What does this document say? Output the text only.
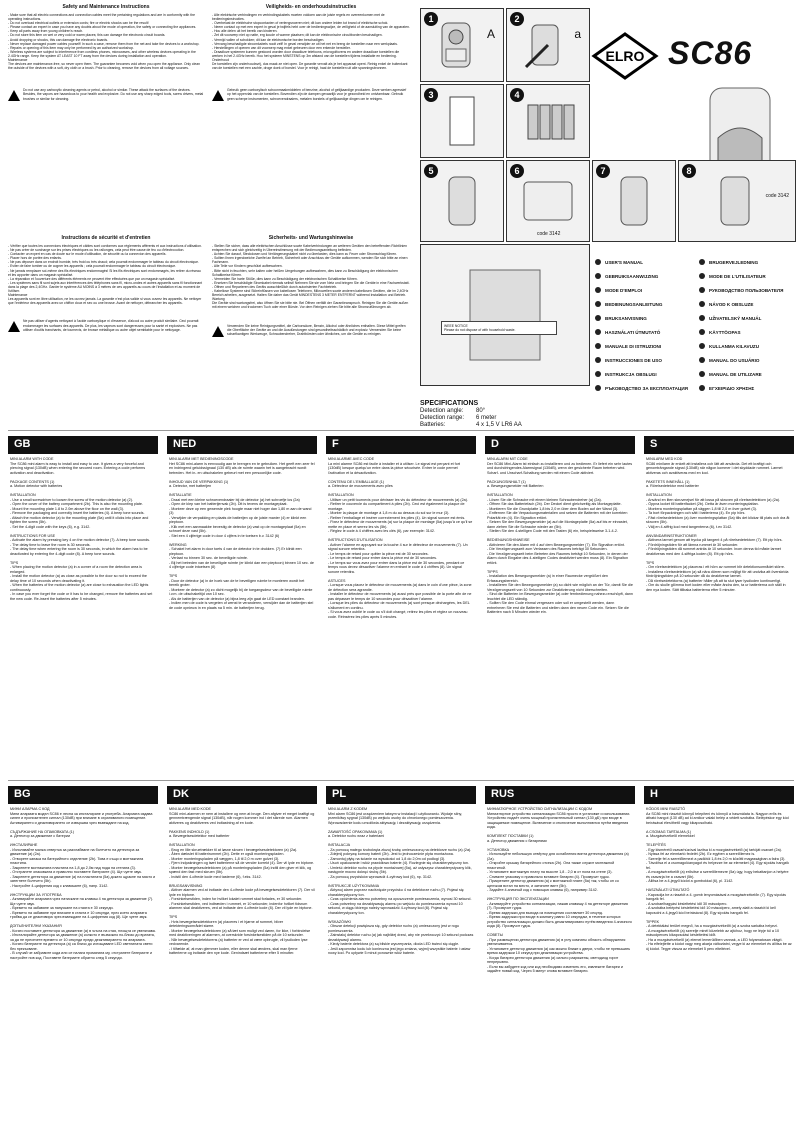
Safety and Maintenance Instructions
- Make sure that all electric connections and connection cables meet the pertaining regulations and are in conformity with the operating instructions.
- Do not overload electrical outlets or extension cords; fire or electric shocks can be the result!
- Please contact an expert in case you have any doubts about the mode of operation, the safety or connecting the appliances.
- Keep all parts away from young children's reach.
- Do not store this item on wet or very cold or warm places; this can damage the electronic circuit boards.
- Avoid dropping or shocks, this can damage the electronic boards.
- Never replace damaged power cables yourself! In such a case, remove them from the net and take the devices to a workshop.
- Repairs or opening of this item may only be performed by an authorized workshop.
- Wireless systems are subject to interference from cordless phones, microwaves, and other wireless devices operating in the 2.4GHz range. Keep the system AT LEAST 10 FT away from the devices during installation and operation.
Maintenance
The devices are maintenance-free, so never open them. The guarantee becomes void when you open the appliance. Only clean the outside of the devices with a soft, dry cloth or a brush. Prior to cleaning, remove the devices from all voltage sources.
Do not use any carboxylic cleaning agents or petrol, alcohol or similar. These attack the surfaces of the devices. Besides, the vapors are hazardous to your health and explosive. Do not use any sharp edged tools, screw drivers, metal brushes or similar for cleaning.
Veiligheids- en onderhoudsinstructies
- Alle elektrische verbindingen en verbindingskabels moeten voldoen aan de juiste regels en overeenkomen met de bedieningsinstructies.
- Overbelast de elektrische stopcontacten of verlengsnoeren niet; dit kan ondere leiden tot brand of elektrische schok.
- Neem contact op met een expert in geval je twijfels hebt over de bedieningswijze, de veiligheid of de aansluiting van de apparaten.
- Hou alle delen uit het bereik van kinderen.
- Zet dit voorwerp niet op natte, erg koude of warme plaatsen; dit kan de elektronische circuitborden beschadigen.
- Vermijd vallen of schokken; dit kan de elektronische borden beschadigen.
- Vervang beschadigde stroomkabels nooit zelf! In geval verwijder ze uit het net en breng de toestellen naar een werkplaats.
- Herstellingen of openen van dit voorwerp mag enkel gebeuren door een erkende hersteller.
- Draadloze systemen kunnen gestoord worden door draadloze telefoons, microgolfovens en andere draadloze toestellen die werken in het 2.4GHz bereik. Hou het systeem MINSTENS op 3m afstand van de toestellen tijdens installatie en bediening.
Onderhoud
De toestellen zijn onderhoudsvrij, dus maak ze niet open. De garantie vervalt als je het apparaat opent. Reinig enkel de buitenkant van de toestellen met een zachte, droge doek of borstel. Voor je reinigt, haal de toestellen uit alle spanningsbronnen.
Gebruik geen carboxylisch schoonmaakmiddelen of benzine, alcohol of gelijkaardige producten. Deze werken agressief op het oppervlak van de toestellen. Bovendien zijn de dampen gevaarlijk voor je gezondheid en ontvlambaar. Gebruik geen scherpe instrumenten, schroevendraaiers, metalen borstels of gelijkaardige dingen om te reinigen.
Instructions de sécurité et d'entretien
- Vérifier que toutes les connexions électriques et câbles sont conformes aux règlements afférents et aux instructions d'utilisation.
- Ne pas créer de surcharge sur les prises électriques ou les rallonges, cela peut être cause de feu ou d'électrocution.
- Contacter un expert en cas de doute sur le mode d'utilisation, de sécurité ou la connexion des appareils.
- Placer hors de portée des enfants.
- Ne pas déposer dans un endroit humide, très froid ou très chaud; cela pourrait endommager le tableau du circuit électronique.
- Eviter de faire tomber ou de cogner les appareils ; cela pourrait endommager le tableau du circuit électronique.
- Ne jamais remplacer soi-même des fils électriques endommagés! Si les fils électriques sont endommagés, les retirer du réseau et les apporter dans un magasin spécialisé.
- La réparation et l'ouverture des différents éléments ne peuvent être effectuées que par un magasin spécialisé.
- Les systèmes sans fil sont sujets aux interférences des téléphones sans fil, micro-ondes et autres appareils sans fil fonctionnant dans la plage des 2,4GHz. Garder le système AU MOINS à 3 mètres de ces appareils au cours de l'installation et au moment de l'utiliser.
Maintenance
Les appareils sont en libre utilisation, ne les ouvrez jamais. La garantie n'est plus valide si vous ouvrez les appareils. Ne nettoyer que l'extérieur des appareils avec un chiffon doux et sec ou une brosse. Avant de nettoyer, débrancher les appareils.
Ne pas utiliser d'agents nettoyant à l'acide carboxylique ni d'essence, d'alcool ou autre produit similaire. Ceci pourrait endommager les surfaces des appareils. De plus, les vapeurs sont dangereuses pour la santé et explosives. Ne pas utiliser d'outils tranchants, de tournevis, de brosse métallique ou autre objet semblable pour le nettoyage.
Sicherheits- und Wartungshinweise
- Stellen Sie sicher, dass alle elektrischen Anschlüsse sowie Kabelverbindungen an weiteren Geräten den betreffenden Richtlinien entsprechen und sich gleichzeitig in Übereinstimmung mit der Bedienungsanleitung befinden.
- Achten Sie darauf, Steckdosen und Verlängerungskabel nicht zu überlasten, dies kann zu Feuer oder Stromschlag führen.
- Sollten Ihnen irgendwelche Zweifel an Betrieb, Sicherheit oder Anschluss der Geräte aufkommen, wenden Sie sich bitte an einen Fachmann.
- Alle Teile vor Kindern geschützt aufbewahren.
- Bitte nicht in feuchten, sehr kalten oder heißen Umgebungen aufbewahren, dies kann zu Beschädigung der elektronischen Schaltkreise führen.
- Vermeiden Sie harte Stöße, dies kann zu Beschädigung der elektronischen Schaltkreise führen.
- Ersetzen Sie beschädigte Stromkabel niemals selbst! Nehmen Sie sie vom Netz und bringen Sie die Geräte in eine Fachwerkstatt.
- Öffnen und Reparieren des Geräts ausschließlich durch autorisierten Fachbetrieb.
- Kabellose Systeme sind Störeinflüssen von kabellosen Telefonen, Mikrowellen sowie anderen kabellosen Geräten, die im 2,4GHz Bereich arbeiten, ausgesetzt. Halten Sie daher das Gerät MINDESTENS 3 METER ENTFERNT während Installation und Betrieb.
Wartung
Die Geräte sind wartungsfrei, also öffnen Sie sie bitte nie. Bei Öffnen verfällt der Garantieanspruch. Reinigen Sie die Geräte außen mit einem weichen und trockenen Tuch oder einer Bürste. Vor dem Reinigen ziehen Sie bitte alle Stromzuführungen ab.
Verwenden Sie keine Reinigungsmittel, die Carbonsäure, Benzin, Alkohol oder ähnliches enthalten. Diese Mittel greifen die Oberfläche der Geräte an und die Ausdünstungen sind gesundheitsschädlich und explosiv. Verwenden Sie keine scharfkantigen Werkzeuge, Schraubendreher, Drahtbürsten oder ähnliches, um die Geräte zu reinigen.
1
A
2
a
ELRO SC86
3	4
5	6
code 3142
7	8
code 3142
WEEE NOTICE
Please do not dispose of with household waste.
USER'S MANUAL
GEBRUIKSAANWIJZING
MODE D'EMPLOI
BEDIENUNGSANLEITUNG
BRUKSANVISNING
HASZNÁLATI ÚTMUTATÓ
MANUALE DI ISTRUZIONI
INSTRUCCIONES DE USO
INSTRUKCJA OBSŁUGI
РЪКОВОДСТВО ЗА ЕКСПЛОАТАЦИЯ
BRUGERVEJLEDNING
MODE DE L'UTILISATEUR
РУКОВОДСТВО ПОЛЬЗОВАТЕЛЯ
NÁVOD K OBSLUZE
UŽIVATELSKÝ MANUÁL
KÄYTTÖOPAS
KULLANMA KILAVUZU
MANUAL DO USUÁRIO
MANUAL DE UTILIZARE
ΕΓΧΕΙΡΙΔΙΟ ΧΡΗΣΗΣ
SPECIFICATIONS
Detection angle:	80°
Detection range:	6 meter
Batteries:	4 x 1,5 V LR6 AA
GB
MINI ALARM WITH CODE
The SC86 mini alarm is easy to install and easy to use. It gives a very forceful and piercing signal (130dB) when entering the secured room. Entering a code performs activation and deactivation.

PACKAGE CONTENTS (1)
a. Motion detector with batteries

INSTALLATION
- Use a small screwdriver to loosen the screw of the motion detector (a) (2).
- Open the cover of the battery compartment (2b). This is also the mounting plate.
- Mount the mounting plate 1.8 to 2.0m above the floor on the wall (3).
- Remove the packaging and correctly insert the batteries (4). A beep tone sounds.
- Attach the motion detector (a) to the mounting plate (5a) until it clicks into place and tighten the screw (5b).
- Set the 4-digit code with the keys (6), e.g. 3142.

INSTRUCTIONS FOR USE
- Activate the alarm by pressing key 4 on the motion detector (7). A beep tone sounds.
- The delay time to leave the room is 30 seconds.
- The delay time when entering the room is 30 seconds, in which the alarm has to be deactivated by entering the 4-digit code (8). A beep tone sounds.

TIPS
- When placing the motion detector (a) in a corner of a room the detection area is enlarged.
- Install the motion detector (a) as close as possible to the door so not to exceed the delay time of 10 seconds when deactivating it.
- When the batteries of the motion detector (a) are close to exhaustion the LED lights continuously.
- In case you ever forget the code or it has to be changed, remove the batteries and set the new code. Re-insert the batteries after 5 minutes.
NED
MINI ALARM MET BEDIENINGSCODE
Het SC86 mini-alarm is eenvoudig aan te brengen en te gebruiken. Het geeft een zeer fel en indringend geluidssignaal (130 dB) als de ruimte waarin het is aangebracht wordt betreden. Het in- en uitschakelen gebeurt met een persoonlijke code.

INHOUD VAN DE VERPAKKING (1)
a. Detector, met batterijen

INSTALLATIE
- Draai met een kleine schroevendraaier bij de detector (a) het schroefje los (2a)
- Open de klep van het batterijenvak (2b). Dit is tevens de montageplaat.
- Monteer deze op een gewenste plek hoogte maar niet hoger dan 1,80 m aan de wand (3)
- Verwijder de verpakking en plaats de batterijen op de juiste manier (4) er klinkt een pieptoon.
- Klik met een aanmaakbe bevestig de detector (a) vast op de montageplaat (5a) en schroef deze vast (5b).
- Stel een 4 cijferige code in door 4 cijfers in te toetsen b.v. 3142 (6)

WERKING
- Schakel het alarm in door toets 4 van de detector in te drukken. (7) Er klinkt een pieptoon.
- Verlaat nu binnen 30 sec. de beveiligde ruimte.
- Bij het betreden van de beveiligde ruimte (er klinkt dan een pieptoon) binnen 10 sec. de 4 cijferige code intoetsen (8)

TIPS
- Door de detector (a) in de hoek van de te beveiligen ruimte te monteren wordt het bereik groter.
- Monteer de detector (a) zo dicht mogelijk bij de toegangsdeur van de beveiligde ruimte i.v.m. de uitschakeltijd van 10 sec.
- Als de batterijen van de detector (a) bijna leeg zijn gaat de LED constant branden.
- Indien men de code is vergeten of wenst te veranderen, verwijder dan de batterijen stel de code opnieuw in en plaats na 5 min. de batterijen terug.
F
MINI ALARME AVEC CODE
La mini alarme SC86 est facile à installer et à utiliser. Le signal est perçant et fort (130dB) lorsque quelqu'un entre dans la pièce sécurisée. Entrer le code permet l'activation et la désactivation.

CONTENU DE L'EMBALLAGE (1)
a. Détecteur de mouvements avec piles

INSTALLATION
- Utiliser un petit tournevis pour dévisser les vis du détecteur de mouvements (a) (2a).
- Retirer le couvercle du compartiment à piles (2b). Ceci est également la plaque de montage.
- Monter la plaque de montage à 1,8 m du au dessus du sol sur le mur (3).
- Retirer l'emballage et insérer correctement les piles (4). Un signal sonore est émis.
- Fixez le détecteur de mouvements (a) sur la plaque de montage (5a) jusqu'à ce qu'il se mette en place et serrez les vis (5b).
- Réglez le code à 4 chiffres avec les clés (6), par exemple: 3142.

INSTRUCTIONS D'UTILISATION
- Activer l'alarme en appuyant sur la touche 4 sur le détecteur de mouvements (7). Un signal sonore retentira.
- Le temps de retard pour quitter la pièce est de 30 secondes.
- Le temps de retard pour entrer dans la pièce est de 30 secondes.
- Le temps sur vous avez pour entrer dans la pièce est de 30 secondes, pendant ce temps vous devez désactiver l'alarme en entrant le code à 4 chiffres (8). Un signal sonore retentira.

ASTUCES
- Lorsque vous placez le détecteur de mouvements (a) dans le coin d'une pièce, la zone de détection sera agrandie.
- Installer le détecteur de mouvements (a) aussi près que possible de la porte afin de ne pas dépasser le temps de 10 secondes pour désactiver l'alarme.
- Lorsque les piles du détecteur de mouvements (a) sont presque déchargées, les DEL s'allument en continu.
- Si vous avez oublié le code ou s'il doit changé, retirez les piles et réglez un nouveau code. Réinsérez les piles après 5 minutes.
D
MINI-ALARM MIT CODE
Der SC86 Mini-Alarm ist einfach zu installieren und zu bedienen. Er liefert ein sehr lautes und durchdringendes Alarmsignal (130dB), wenn der gesicherte Raum betreten wird. Scharf- und Unscharf-Schaltung werden mit einem Code aktiviert.

PACKUNGSINHALT (1)
a. Bewegungsmelder mit Batterien

INSTALLATION
- Lösen Sie die Schraube mit einem kleinen Schraubendreher (a) (2a).
- Öffnen Sie das Batteriefach (2b). Der Deckel dient gleichzeitig als Montageplatte.
- Montieren Sie die Grundplatte 1,8 bis 2,0 m über dem Boden auf der Wand (3).
- Entfernen Sie die Verpackungsmaterialien und setzen die Batterien mit der korrekten Polarität ein (4). Ein Signalton ertönt.
- Setzen Sie den Bewegungsmelder (a) auf die Montageplatte (5a) auf bis er einrastet, dann ziehen Sie die Schraube wieder an (5b).
- Stellen Sie den 4-stelligen Code mit den Tasten (6) ein, beispielsweise 3-1-4-2.

BEDIENUNGSHINWEISE
- Aktivieren Sie den Alarm mit 4 auf dem Bewegungsmelder (7). Ein Signalton ertönt.
- Die Verzögerungszeit zum Verlassen des Raumes beträgt 30 Sekunden.
- Die Verzögerungszeit beim Betreten des Raumes beträgt 10 Sekunden, in denen der Alarm durch Eingabe des 4-stelligen Codes deaktiviert werden muss (8). Ein Signalton ertönt.

TIPPS
- Installation des Bewegungsmelder (a) in einer Raumecke vergrößert den Erfassungsbereich.
- Installieren Sie den Bewegungsmelder (a) so dicht wie möglich an der Tür, damit Sie die Verzögerungszeit von 10 Sekunden zur Deaktivierung nicht überschreiten.
- Sind die Batterien im Bewegungsmelder (a) oder fernbedienung nahezu erschöpft, dann leuchtet die LED ständig.
- Sollten Sie den Code einmal vergessen oder soll er umgestellt werden, dann entnehmen Sie erst die Batterien und stellen dann den neuen Code ein. Setzen Sie die Batterien nach 5 Minuten wieder ein.
S
MINILARM MED KOD
SC86 minilarm är enkelt att installera och lätt att använda. Det ett kraftigt och genomträngande signal (130dB) när någon kommer i det skyddade rummet. Larmet aktiveras och avaktiveras med en kod.

PAKETETS INNEHÅLL (1)
a. Rörelsedetektor med batterier

INSTALLATION
- Använd en liten skruvmejsel för att lossa på skruven på rörelsedetektorn (a) (2a).
- Öppna locket till batterifacket (2b). Detta är även monteringsplattan.
- Montera monteringsplattan på väggen 1,8 till 2,0 m över golvet (3).
- Ta bort förpackningen och sätt i batterierna (4). En pip hörs.
- Fäst rörelsedetektorn (a) över monteringsplattan (5a) tills det klickar till plats och dra åt skruven (5b).
- Välj en 4-siffrig kod med tangenterna (6), t.ex 3142.

ANVÄNDARINSTRUKTIONER
- Aktivera larmet genom att trycka på tangent 4 på rörelsedetektorn (7). Ett pip hörs.
- Fördröjningstiden för att lämna rummet är 30 sekunder.
- Fördröjningstiden då rummet anträs är 10 sekunder. Inom denna tid måste larmet deaktiveras med den 4-siffriga koden (8). Ett pip hörs.

TIPS
- Om rörelsedetektorn (a) placeras i ett hörn av rummet blir detektionsområdet större.
- Installera rörelsedetektorn (a) så nära dörren som möjligt för att undvika att överskrida fördröjningstiden på 10 sekunder då du deaktiverar larmet.
- Då rörelsedetektorns (a) batterier håller på att ta slut lyser lysdioden kontinuerligt.
- Om du skulle glömma bort koden eller måste ändra den, ta ur batterierna och ställ in den nya koden. Sätt tillbaka batterierna efter 5 minuter.
BG
МИНИ АЛАРМА С КОД
Мини алармата модел SC86 е лесна за инсталиране и употреба. Алармата издава силен и пронизителен сигнал (130dB) при влизане в охраняваното помещение. Активирането и деактивирането се извършва чрез въвеждане на код.

СЪДЪРЖАНИЕ НА ОПАКОВКАТА (1)
a. Детектор за движение с батерии

ИНСТАЛИРАНЕ
- Използвайте малка отвертка за разхлабване на болтчето на детектора за движение (a) (2a).
- Отворете капака на батерийното отделение (2b). Това е също и монтажната пластина.
- Закрепете монтажната пластина на 1,8 до 2,0м над пода на стената (3).
- Отстранете опаковката и правилно поставете батериите (4). Ще чуете звук.
- Закрепете детектора за движение (a) на пластината (5a) докато щракне на място и затегнете болтчето (5b).
- Настройте 4-цифрения код с клавишите (6), напр. 3142.

ИНСТРУКЦИИ ЗА УПОТРЕБА
- Активирайте алармата чрез натискане на клавиш 4 на детектора за движение (7). Ще чуете звук.
- Времето на забавяне за напускане на стаята е 30 секунди.
- Времето на забавяне при влизане в стаята е 10 секунди, през което алармата трябва да се деактивира чрез въвеждане на 4-цифрения код (8). Ще чуете звук.

ДОПЪЛНИТЕЛНИ УКАЗАНИЯ
- Когато поставите детектора за движение (a) в ъгъла на стая, площта се увеличава.
- Инсталирайте детектора за движение (a) колкото е възможно по-близо до вратата, за да не пресечете времето от 10 секунди преди деактивирането на алармата.
- Когато батериите на детектора (a) са близо до изтощаване LED светлината свети без прекъсване.
- В случай че забравите кода или се налага промяната му, отстранете батериите и настройте нов код. Поставете батериите обратно след 5 секунди.
DK
MINI ALARM MED KODE
SC86 mini-alarmen er nem at installere og nem at bruge. Den afgiver et meget kraftigt og gennemtrængende signal (130dB), når nogen kommer ind i det sikrede rum. Alarmen aktiveres og deaktiveres ved indtastning af en kode.

PAKKENS INDHOLD (1)
a. Bevægelsesdetektor med batterier

INSTALLATION
- Brug en lille skruetrækker til at løsne skruen i bevægelsesdetektoren (a) (2a).
- Åben dækslet til batterirummet (2b). Dette er også monteringspladen.
- Monter monteringspladen på væggen, 1,8 til 2,0 m over gulvet (3).
- Fjern indpakningen og isæt batterierne så de vender korrekt (4). Der vil lyde en biptone.
- Monter bevægelsesdetektoren (a) på monteringspladen (5a) indtil den giver et klik, og spænd den fast med skruen (5b).
- Indstil den 4-cifrede kode med tasterne (6), f.eks. 3142.

BRUGSANVISNING
- Aktiver alarmen ved at indtaste den 4-cifrede kode på bevægelsesdetektoren (7). Der vil lyde en biptone.
- Forsinkelsestiden, inden for hvilket lokalet rummet skal forlades, er 30 sekunder.
- Forsinkelsestiden, ved indtræden i rummet, er 10 sekunder, indenfor hvilket tidsrum alarmen skal deaktiveres, ved at indtaste den 4-cifrede kode (8). Der vil lyde en biptone.

TIPS
- Hvis bevægelsesdetektoren (a) placeres i et hjørne af rummet, bliver detekteringsområdet større.
- Monter bevægelsesdetektoren (a) så tæt som muligt ved døren, for ikke, i forbindelse med deaktiveringen af alarmen, at overskride forsinkelsestiden på de 10 sekunder.
- Når bevægelsesdetektorens (a) batterier er ved at være opbrugte, vil lysdioden lyse vedvarende.
- I tilfælde af, at man glemmer koden, eller denne skal ændres, skal man fjerne batterierne og indtaste den nye kode. Genindsæt batterierne efter 5 minutter.
PL
MINI ALARM Z KODEM
Mini alarm SC86 jest urządzeniem łatwym w instalacji i użytkowaniu. Wydaje silny, przenikliwy sygnał (130dB) po wejściu osoby do chronionego pomieszczenia. Wprowadzenie kodu umożliwia aktywację i dezaktywację urządzenia.

ZAWARTOŚĆ OPAKOWANIA (1)
a. Detektor ruchu wraz z bateriami

INSTALACJA
- Za pomocą małego śrubokręta złuzuj śrubę umieszczoną na detektorze ruchu (a) (2a).
- Zdejmij pokrywę komory baterii (2b). Jest to jednocześnie płyta montażowa.
- Zamontuj płytę na ścianie na wysokości od 1,8 do 2,0m od podłogi (3).
- Usuń opakowanie i włóż prawidłowo baterie (4). Rozlegnie się charakterystyczny ton.
- Umieść detektor ruchu na płycie montażowej (5a), aż usłyszysz charakterystyczny klik, następnie mocno dokręć śrubę (5b).
- Za pomocą przycisków wprowadź 4-cyfrowy kod (6), np. 3142.

INSTRUKCJE UŻYTKOWANIA
- Aktywuj alarm poprzez naciśnięcie przycisku 4 na detektorze ruchu (7). Pojawi się charakterystyczny ton.
- Czas opóźnienia alarmu potrzebny na opuszczenie pomieszczenia, wynosi 30 sekund.
- Czas potrzebny na dezaktywację alarmu po wejściu do pomieszczenia wynosi 10 sekund, w ciągu którego należy wprowadzić 4-cyfrowy kod (8). Pojawi się charakterystyczny ton.

WSKAZÓWKI
- Obszar detekcji powiększa się, gdy detektor ruchu (a) umieszczony jest w rogu pomieszczenia.
- Zainstaluj detektor ruchu (a) jak najbliżej drzwi, aby nie przekroczyć 10 sekund podczas dezaktywacji alarmu.
- Kiedy baterie detektora (a) są bliskie wyczerpania, dioda LED świeci się ciągle.
- Jeśli zapomnisz kodu lub konieczna jest jego zmiana, wyjmij wszystkie baterie i ustaw nowy kod. Po upływie 5 minut ponownie włóż baterie.
RUS
МИНИАТЮРНОЕ УСТРОЙСТВО СИГНАЛИЗАЦИИ С КОДОМ
Миниатюрное устройство сигнализации SC86 просто в установке и использовании. Устройство подаёт очень мощный пронзительный сигнал (130 дБ) при входе в защищаемое помещение. Включение и отключение выполняются путём введения кода.

КОМПЛЕКТ ПОСТАВКИ (1)
a. Детектор движения с батареями

УСТАНОВКА
- Используйте небольшую отвёртку для ослабления винта детектора движения (a) (2a).
- Откройте крышку батарейного отсека (2b). Она также служит монтажной пластиной.
- Установите монтажную плату на высоте 1,8 - 2,0 м от пола на стене (3).
- Снимите упаковку и правильно вставьте батареи (4). Прозвучит гудок.
- Прикрепите детектор движения (a) к монтажной плате (5a) так, чтобы он со щелчком встал на место, и затяните винт (5b).
- Задайте 4-значный код с помощью клавиш (6), например 3142.

ИНСТРУКЦИЯ ПО ЭКСПЛУАТАЦИИ
- Активируйте устройство сигнализации, нажав клавишу 4 на детекторе движения (7). Прозвучит гудок.
- Время задержки для выхода из помещения составляет 30 секунд.
- Время задержки при входе в комнату равно 10 секундам, в течение которых устройство сигнализации должно быть дезактивировано путём введения 4-значного кода (8). Прозвучит гудок.

СОВЕТЫ
- При размещении детектора движения (a) в углу комнаты область обнаружения увеличивается.
- Установите детектор движения (a) как можно ближе к двери, чтобы не превышать время задержки 10 секунд при деактивации устройства.
- Когда батареи детектора движения (a) сильно разряжены, светодиод горит непрерывно.
- Если вы забудете код или код необходимо изменить его, извлеките батареи и задайте новый код. Через 5 минут снова вставьте батареи.
H
KÓDOS MINI RIASZTÓ
Az SC86 mini riasztót könnyű telepíteni és könnyű a használata is. Nagyon erős és átható hangot (130 dB) ad ki amikor valaki belép a védett szobába. Belépéskor egy kód beírásával élesíthető vagy kikapcsolható.

A CSOMAG TARTALMA (1)
a. Mozgásérzékelő elemekkel

TELEPÍTÉS
- Egy kisméretű csavarhúzóval lazítsa ki a mozgásérzékelő (a) tartóját csavart (2a).
- Nyissa fel az elemtartó fedelét (2b). Ez egyben a szerelőlemez is.
- Szerelje fel a szerelőlemezt a padlótól 1,8 és 2,0 m közötti magasságban a falra (3).
- Távolítsa el a csomagolóanyagot és helyezze be az elemeket (4). Egy sípolás hangzik fel.
- A mozgásérzékelőt (a) erősítse a szerelőlemezre (5a) úgy, hogy bekattanjon a helyére és csavarja be a csavart (5b).
- Állítsa be a 4-jegyű kódot a gombokkal (6), pl. 3142.

HASZNÁLATI ÚTMUTATÓ
- Kapcsolja be a riasztót a 4. gomb lenyomásával a mozgásérzékelőn (7). Egy sípolás hangzik fel.
- A szobaelhagyási késleltetési idő 30 másodperc.
- A szobába belépési késleltetési idő 10 másodperc, amely alatt a riasztót ki kell kapcsolni a 4-jegyű kód beírásával (8). Egy sípolás hangzik fel.

TIPPEK
- A detektálási terület megnő, ha a mozgásérzékelőt (a) a szoba sarkába helyezi.
- A mozgásérzékelőt (a) szerelje minél közelebb az ajtóhoz, hogy ne lépje túl a 10 másodperces kikapcsolási késleltetési időt.
- Ha a mozgásérzékelő (a) elemei lemerülőben vannak, a LED folyamatosan világít.
- Ha elfelejtette a kódot vagy meg akarja változtatni, vegye ki az elemeket és állítsa be az új kódot. Tegye vissza az elemeket 5 perc elteltével.
